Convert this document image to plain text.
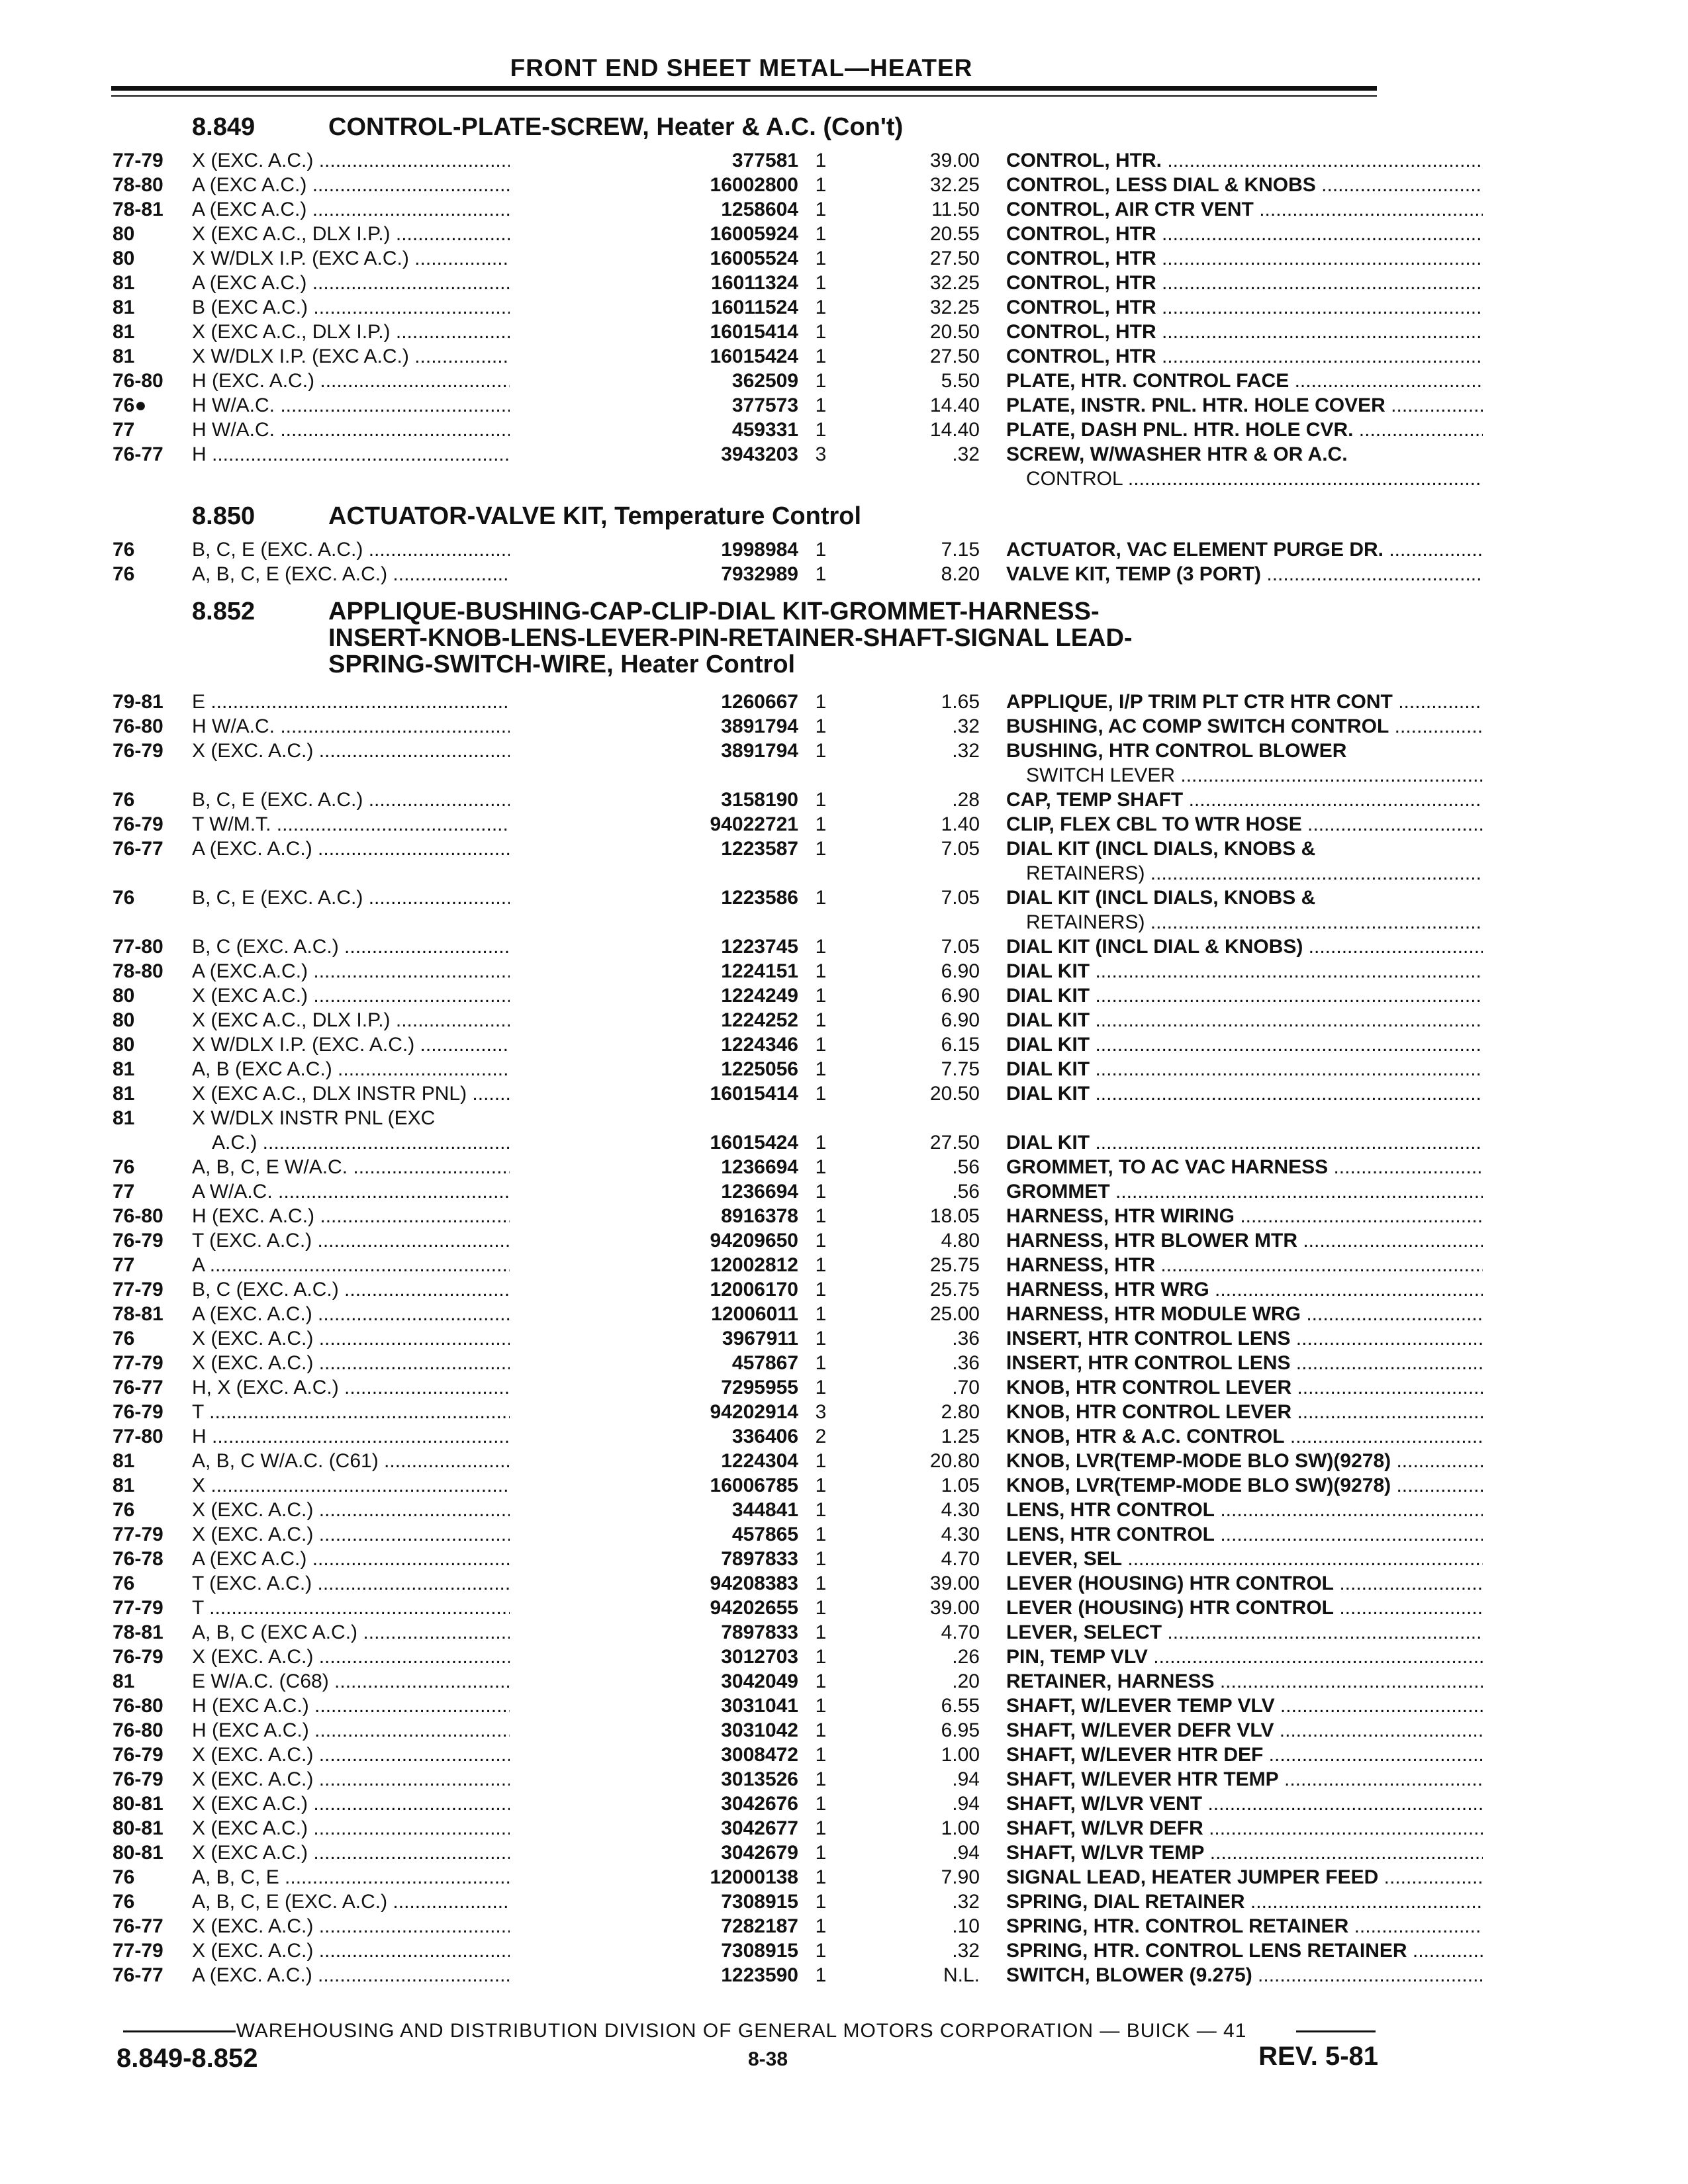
FRONT END SHEET METAL—HEATER
8.849	CONTROL-PLATE-SCREW, Heater & A.C. (Con't)
77-79	X (EXC. A.C.) .....	377581 1	39.00 CONTROL, HTR. .....
78-80	A (EXC A.C.) .....	16002800 1	32.25 CONTROL, LESS DIAL & KNOBS .....
78-81	A (EXC A.C.) .....	1258604 1	11.50 CONTROL, AIR CTR VENT .....
80	X (EXC A.C., DLX I.P.) .....	16005924 1	20.55 CONTROL, HTR .....
80	X W/DLX I.P. (EXC A.C.) .....	16005524 1	27.50 CONTROL, HTR .....
81	A (EXC A.C.) .....	16011324 1	32.25 CONTROL, HTR .....
81	B (EXC A.C.) .....	16011524 1	32.25 CONTROL, HTR .....
81	X (EXC A.C., DLX I.P.) .....	16015414 1	20.50 CONTROL, HTR .....
81	X W/DLX I.P. (EXC A.C.) .....	16015424 1	27.50 CONTROL, HTR .....
76-80	H (EXC. A.C.) .....	362509 1	5.50 PLATE, HTR. CONTROL FACE .....
76●	H W/A.C. .....	377573 1	14.40 PLATE, INSTR. PNL. HTR. HOLE COVER .....
77	H W/A.C. .....	459331 1	14.40 PLATE, DASH PNL. HTR. HOLE CVR. .....
76-77	H .....	3943203 3	.32 SCREW, W/WASHER HTR & OR A.C.
CONTROL .....
8.850	ACTUATOR-VALVE KIT, Temperature Control
76	B, C, E (EXC. A.C.) .....	1998984 1	7.15 ACTUATOR, VAC ELEMENT PURGE DR. .....
76	A, B, C, E (EXC. A.C.) .....	7932989 1	8.20 VALVE KIT, TEMP (3 PORT) .....
8.852	APPLIQUE-BUSHING-CAP-CLIP-DIAL KIT-GROMMET-HARNESS-
INSERT-KNOB-LENS-LEVER-PIN-RETAINER-SHAFT-SIGNAL LEAD-
SPRING-SWITCH-WIRE, Heater Control
79-81	E .....	1260667 1	1.65 APPLIQUE, I/P TRIM PLT CTR HTR CONT .....
76-80	H W/A.C. .....	3891794 1	.32 BUSHING, AC COMP SWITCH CONTROL .....
76-79	X (EXC. A.C.) .....	3891794 1	.32 BUSHING, HTR CONTROL BLOWER
SWITCH LEVER .....
76	B, C, E (EXC. A.C.) .....	3158190 1	.28 CAP, TEMP SHAFT .....
76-79	T W/M.T. .....	94022721 1	1.40 CLIP, FLEX CBL TO WTR HOSE .....
76-77	A (EXC. A.C.) .....	1223587 1	7.05 DIAL KIT (INCL DIALS, KNOBS &
RETAINERS) .....
76	B, C, E (EXC. A.C.) .....	1223586 1	7.05 DIAL KIT (INCL DIALS, KNOBS &
RETAINERS) .....
77-80	B, C (EXC. A.C.) .....	1223745 1	7.05 DIAL KIT (INCL DIAL & KNOBS) .....
78-80	A (EXC.A.C.) .....	1224151 1	6.90 DIAL KIT .....
80	X (EXC A.C.) .....	1224249 1	6.90 DIAL KIT .....
80	X (EXC A.C., DLX I.P.) .....	1224252 1	6.90 DIAL KIT .....
80	X W/DLX I.P. (EXC. A.C.) .....	1224346 1	6.15 DIAL KIT .....
81	A, B (EXC A.C.) .....	1225056 1	7.75 DIAL KIT .....
81	X (EXC A.C., DLX INSTR PNL) .....	16015414 1	20.50 DIAL KIT .....
81	X W/DLX INSTR PNL (EXC
A.C.) .....	16015424 1	27.50 DIAL KIT .....
76	A, B, C, E W/A.C. .....	1236694 1	.56 GROMMET, TO AC VAC HARNESS .....
77	A W/A.C. .....	1236694 1	.56 GROMMET .....
76-80	H (EXC. A.C.) .....	8916378 1	18.05 HARNESS, HTR WIRING .....
76-79	T (EXC. A.C.) .....	94209650 1	4.80 HARNESS, HTR BLOWER MTR .....
77	A .....	12002812 1	25.75 HARNESS, HTR .....
77-79	B, C (EXC. A.C.) .....	12006170 1	25.75 HARNESS, HTR WRG .....
78-81	A (EXC. A.C.) .....	12006011 1	25.00 HARNESS, HTR MODULE WRG .....
76	X (EXC. A.C.) .....	3967911 1	.36 INSERT, HTR CONTROL LENS .....
77-79	X (EXC. A.C.) .....	457867 1	.36 INSERT, HTR CONTROL LENS .....
76-77	H, X (EXC. A.C.) .....	7295955 1	.70 KNOB, HTR CONTROL LEVER .....
76-79	T .....	94202914 3	2.80 KNOB, HTR CONTROL LEVER .....
77-80	H .....	336406 2	1.25 KNOB, HTR & A.C. CONTROL .....
81	A, B, C W/A.C. (C61) .....	1224304 1	20.80 KNOB, LVR(TEMP-MODE BLO SW)(9278) .....
81	X .....	16006785 1	1.05 KNOB, LVR(TEMP-MODE BLO SW)(9278) .....
76	X (EXC. A.C.) .....	344841 1	4.30 LENS, HTR CONTROL .....
77-79	X (EXC. A.C.) .....	457865 1	4.30 LENS, HTR CONTROL .....
76-78	A (EXC A.C.) .....	7897833 1	4.70 LEVER, SEL .....
76	T (EXC. A.C.) .....	94208383 1	39.00 LEVER (HOUSING) HTR CONTROL .....
77-79	T .....	94202655 1	39.00 LEVER (HOUSING) HTR CONTROL .....
78-81	A, B, C (EXC A.C.) .....	7897833 1	4.70 LEVER, SELECT .....
76-79	X (EXC. A.C.) .....	3012703 1	.26 PIN, TEMP VLV .....
81	E W/A.C. (C68) .....	3042049 1	.20 RETAINER, HARNESS .....
76-80	H (EXC A.C.) .....	3031041 1	6.55 SHAFT, W/LEVER TEMP VLV .....
76-80	H (EXC A.C.) .....	3031042 1	6.95 SHAFT, W/LEVER DEFR VLV .....
76-79	X (EXC. A.C.) .....	3008472 1	1.00 SHAFT, W/LEVER HTR DEF .....
76-79	X (EXC. A.C.) .....	3013526 1	.94 SHAFT, W/LEVER HTR TEMP .....
80-81	X (EXC A.C.) .....	3042676 1	.94 SHAFT, W/LVR VENT .....
80-81	X (EXC A.C.) .....	3042677 1	1.00 SHAFT, W/LVR DEFR .....
80-81	X (EXC A.C.) .....	3042679 1	.94 SHAFT, W/LVR TEMP .....
76	A, B, C, E .....	12000138 1	7.90 SIGNAL LEAD, HEATER JUMPER FEED .....
76	A, B, C, E (EXC. A.C.) .....	7308915 1	.32 SPRING, DIAL RETAINER .....
76-77	X (EXC. A.C.) .....	7282187 1	.10 SPRING, HTR. CONTROL RETAINER .....
77-79	X (EXC. A.C.) .....	7308915 1	.32 SPRING, HTR. CONTROL LENS RETAINER .....
76-77	A (EXC. A.C.) .....	1223590 1	N.L. SWITCH, BLOWER (9.275) .....
WAREHOUSING AND DISTRIBUTION DIVISION OF GENERAL MOTORS CORPORATION — BUICK — 41
8.849-8.852	8-38	REV. 5-81
